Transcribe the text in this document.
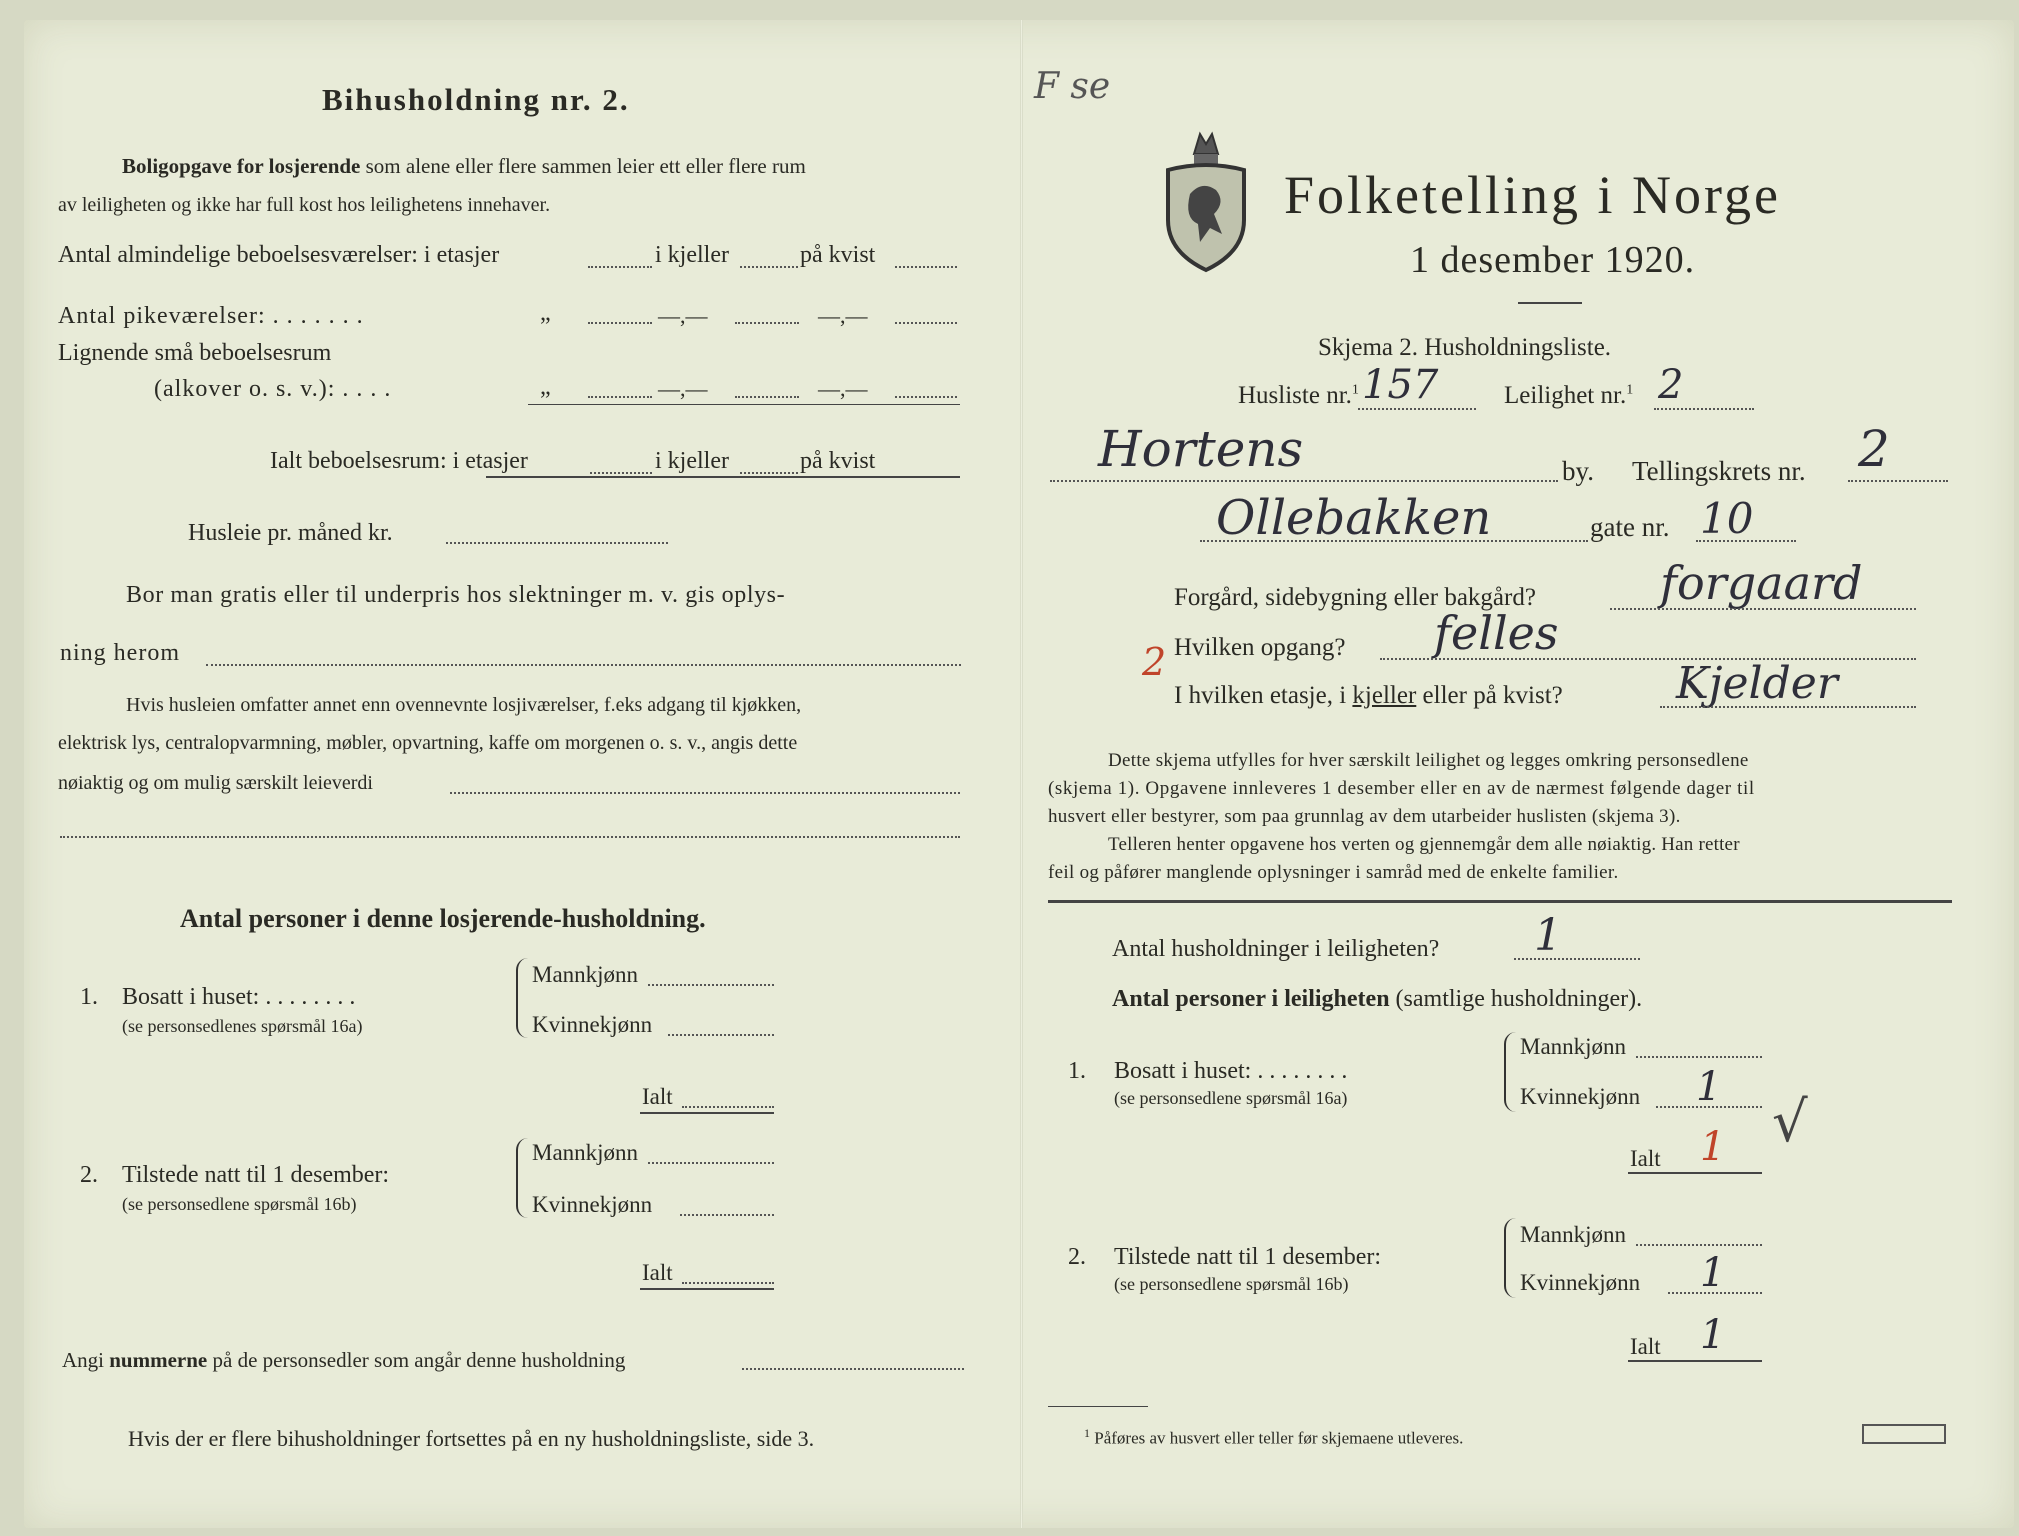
Bihusholdning nr. 2.
Boligopgave for losjerende som alene eller flere sammen leier ett eller flere rum
av leiligheten og ikke har full kost hos leilighetens innehaver.
Antal almindelige beboelsesværelser: i etasjer	i kjeller	på kvist
Antal pikeværelser: . . . . . . .	„	—,—	—,—
Lignende små beboelsesrum
(alkover o. s. v.): . . . .	„	—,—	—,—
Ialt beboelsesrum: i etasjer	i kjeller	på kvist
Husleie pr. måned kr.
Bor man gratis eller til underpris hos slektninger m. v. gis oplys-
ning herom
Hvis husleien omfatter annet enn ovennevnte losjiværelser, f.eks adgang til kjøkken,
elektrisk lys, centralopvarmning, møbler, opvartning, kaffe om morgenen o. s. v., angis dette
nøiaktig og om mulig særskilt leieverdi
Antal personer i denne losjerende-husholdning.
1. Bosatt i huset: . . . . . . . .
(se personsedlenes spørsmål 16a)
Mannkjønn
Kvinnekjønn
Ialt
2. Tilstede natt til 1 desember:
(se personsedlene spørsmål 16b)
Mannkjønn
Kvinnekjønn
Ialt
Angi nummerne på de personsedler som angår denne husholdning
Hvis der er flere bihusholdninger fortsettes på en ny husholdningsliste, side 3.
F se
Folketelling i Norge
1 desember 1920.
Skjema 2. Husholdningsliste.
Husliste nr.$^1$ 157	Leilighet nr.$^1$ 2
Hortens	by. Tellingskrets nr. 2
Ollebakken	gate nr. 10
Forgård, sidebygning eller bakgård?	forgaard
2 Hvilken opgang? felles
I hvilken etasje, i kjeller eller på kvist?	Kjelder
Dette skjema utfylles for hver særskilt leilighet og legges omkring personsedlene
(skjema 1). Opgavene innleveres 1 desember eller en av de nærmest følgende dager til
husvert eller bestyrer, som paa grunnlag av dem utarbeider huslisten (skjema 3).
Telleren henter opgavene hos verten og gjennemgår dem alle nøiaktig. Han retter
feil og påfører manglende oplysninger i samråd med de enkelte familier.
Antal husholdninger i leiligheten? 1
Antal personer i leiligheten (samtlige husholdninger).
1. Bosatt i huset: . . . . . . . .
(se personsedlene spørsmål 16a)
Mannkjønn
Kvinnekjønn 1
√
Ialt 1
2. Tilstede natt til 1 desember:
(se personsedlene spørsmål 16b)
Mannkjønn
Kvinnekjønn 1
Ialt 1
$^1$ Påføres av husvert eller teller før skjemaene utleveres.
